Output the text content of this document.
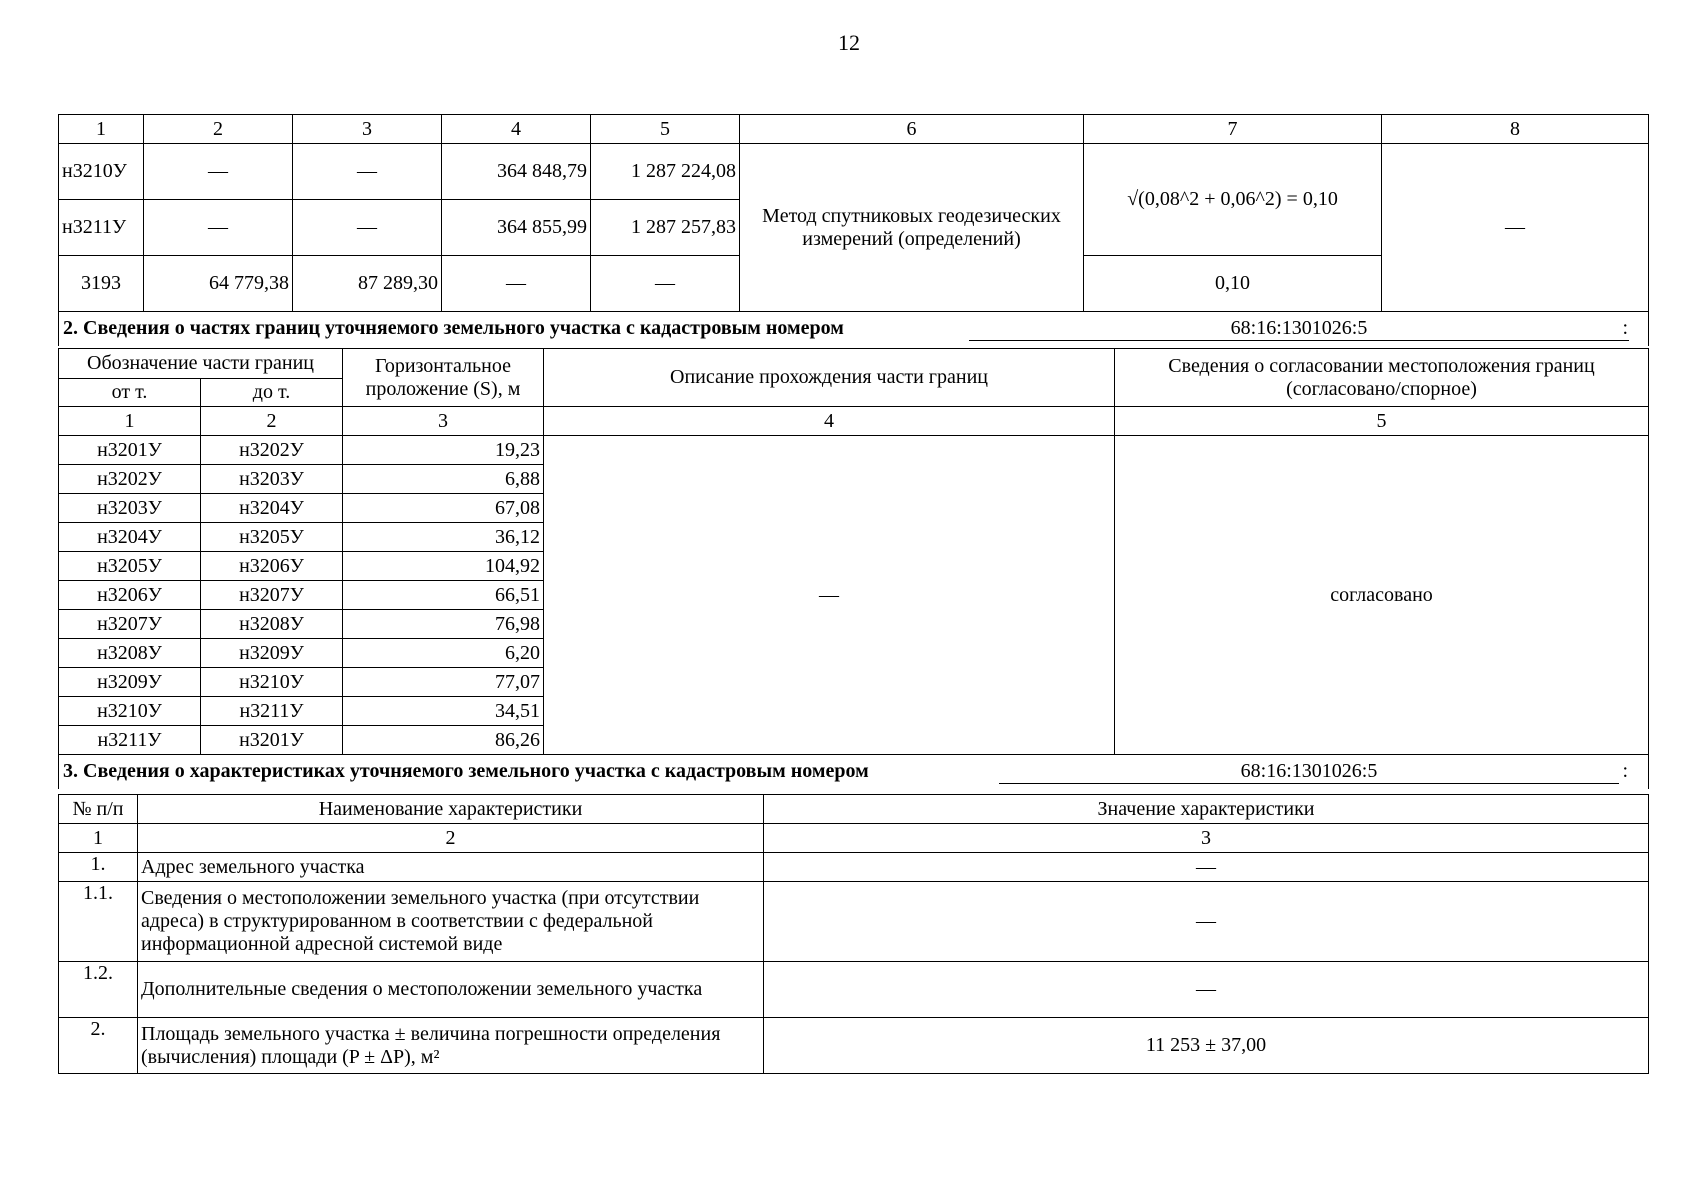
12
1	2	3	4	5	6	7	8
н3210У	—	—	364 848,79	1 287 224,08	Метод спутниковых геодезических измерений (определений)	√(0,08^2 + 0,06^2) = 0,10	—
н3211У	—	—	364 855,99	1 287 257,83			
3193	64 779,38	87 289,30	—	—		0,10	

2. Сведения о частях границ уточняемого земельного участка с кадастровым номером 68:16:1301026:5 :							
Обозначение части границ		Горизонтальное проложение (S), м	Описание прохождения части границ	Сведения о согласовании местоположения границ (согласовано/спорное)
от т.	до т.			
1	2	3	4	5
н3201У	н3202У	19,23	—	согласовано
н3202У	н3203У	6,88		
н3203У	н3204У	67,08		
н3204У	н3205У	36,12		
н3205У	н3206У	104,92		
н3206У	н3207У	66,51		
н3207У	н3208У	76,98		
н3208У	н3209У	6,20		
н3209У	н3210У	77,07		
н3210У	н3211У	34,51		
н3211У	н3201У	86,26		

3. Сведения о характеристиках уточняемого земельного участка с кадастровым номером 68:16:1301026:5 :				
№ п/п	Наименование характеристики	Значение характеристики
1	2	3
1.	Адрес земельного участка	—
1.1.	Сведения о местоположении земельного участка (при отсутствии адреса) в структурированном в соответствии с федеральной информационной адресной системой виде	—
1.2.	Дополнительные сведения о местоположении земельного участка	—
2.	Площадь земельного участка ± величина погрешности определения (вычисления) площади (P ± ΔP), м²	11 253 ± 37,00
